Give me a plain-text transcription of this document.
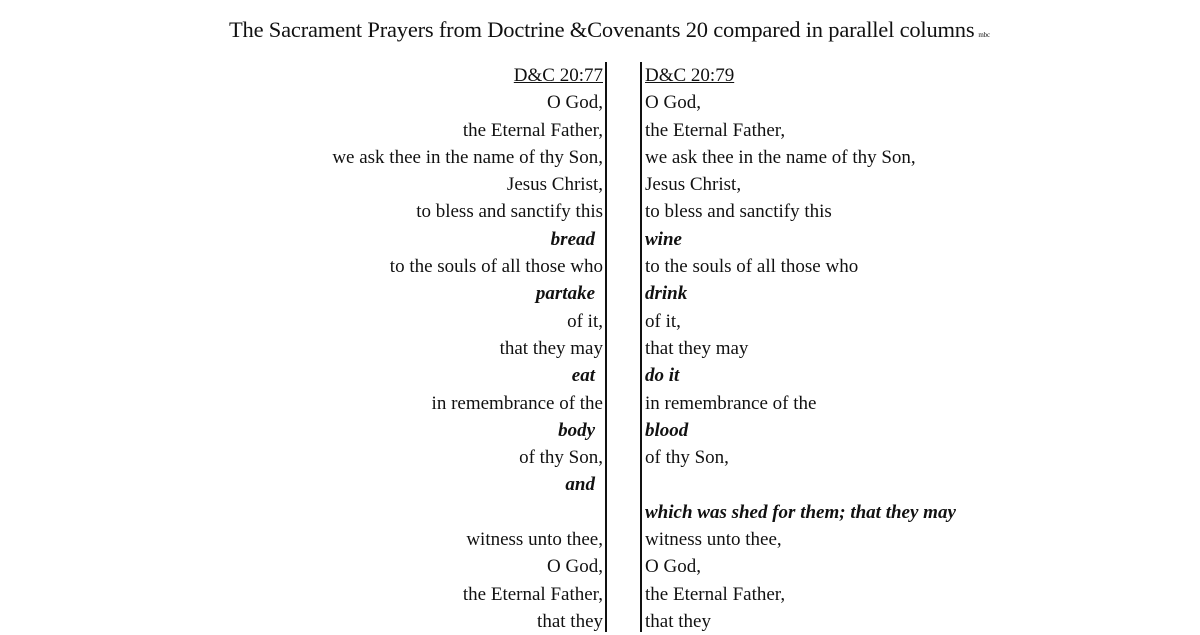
The Sacrament Prayers from Doctrine &Covenants 20 compared in parallel columns mbc
D&C 20:77
O God,
the Eternal Father,
we ask thee in the name of thy Son,
Jesus Christ,
to bless and sanctify this
bread
to the souls of all those who
partake
of it,
that they may
eat
in remembrance of the
body
of thy Son,
and
witness unto thee,
O God,
the Eternal Father,
that they
D&C 20:79
O God,
the Eternal Father,
we ask thee in the name of thy Son,
Jesus Christ,
to bless and sanctify this
wine
to the souls of all those who
drink
of it,
that they may
do it
in remembrance of the
blood
of thy Son,
which was shed for them; that they may
witness unto thee,
O God,
the Eternal Father,
that they
